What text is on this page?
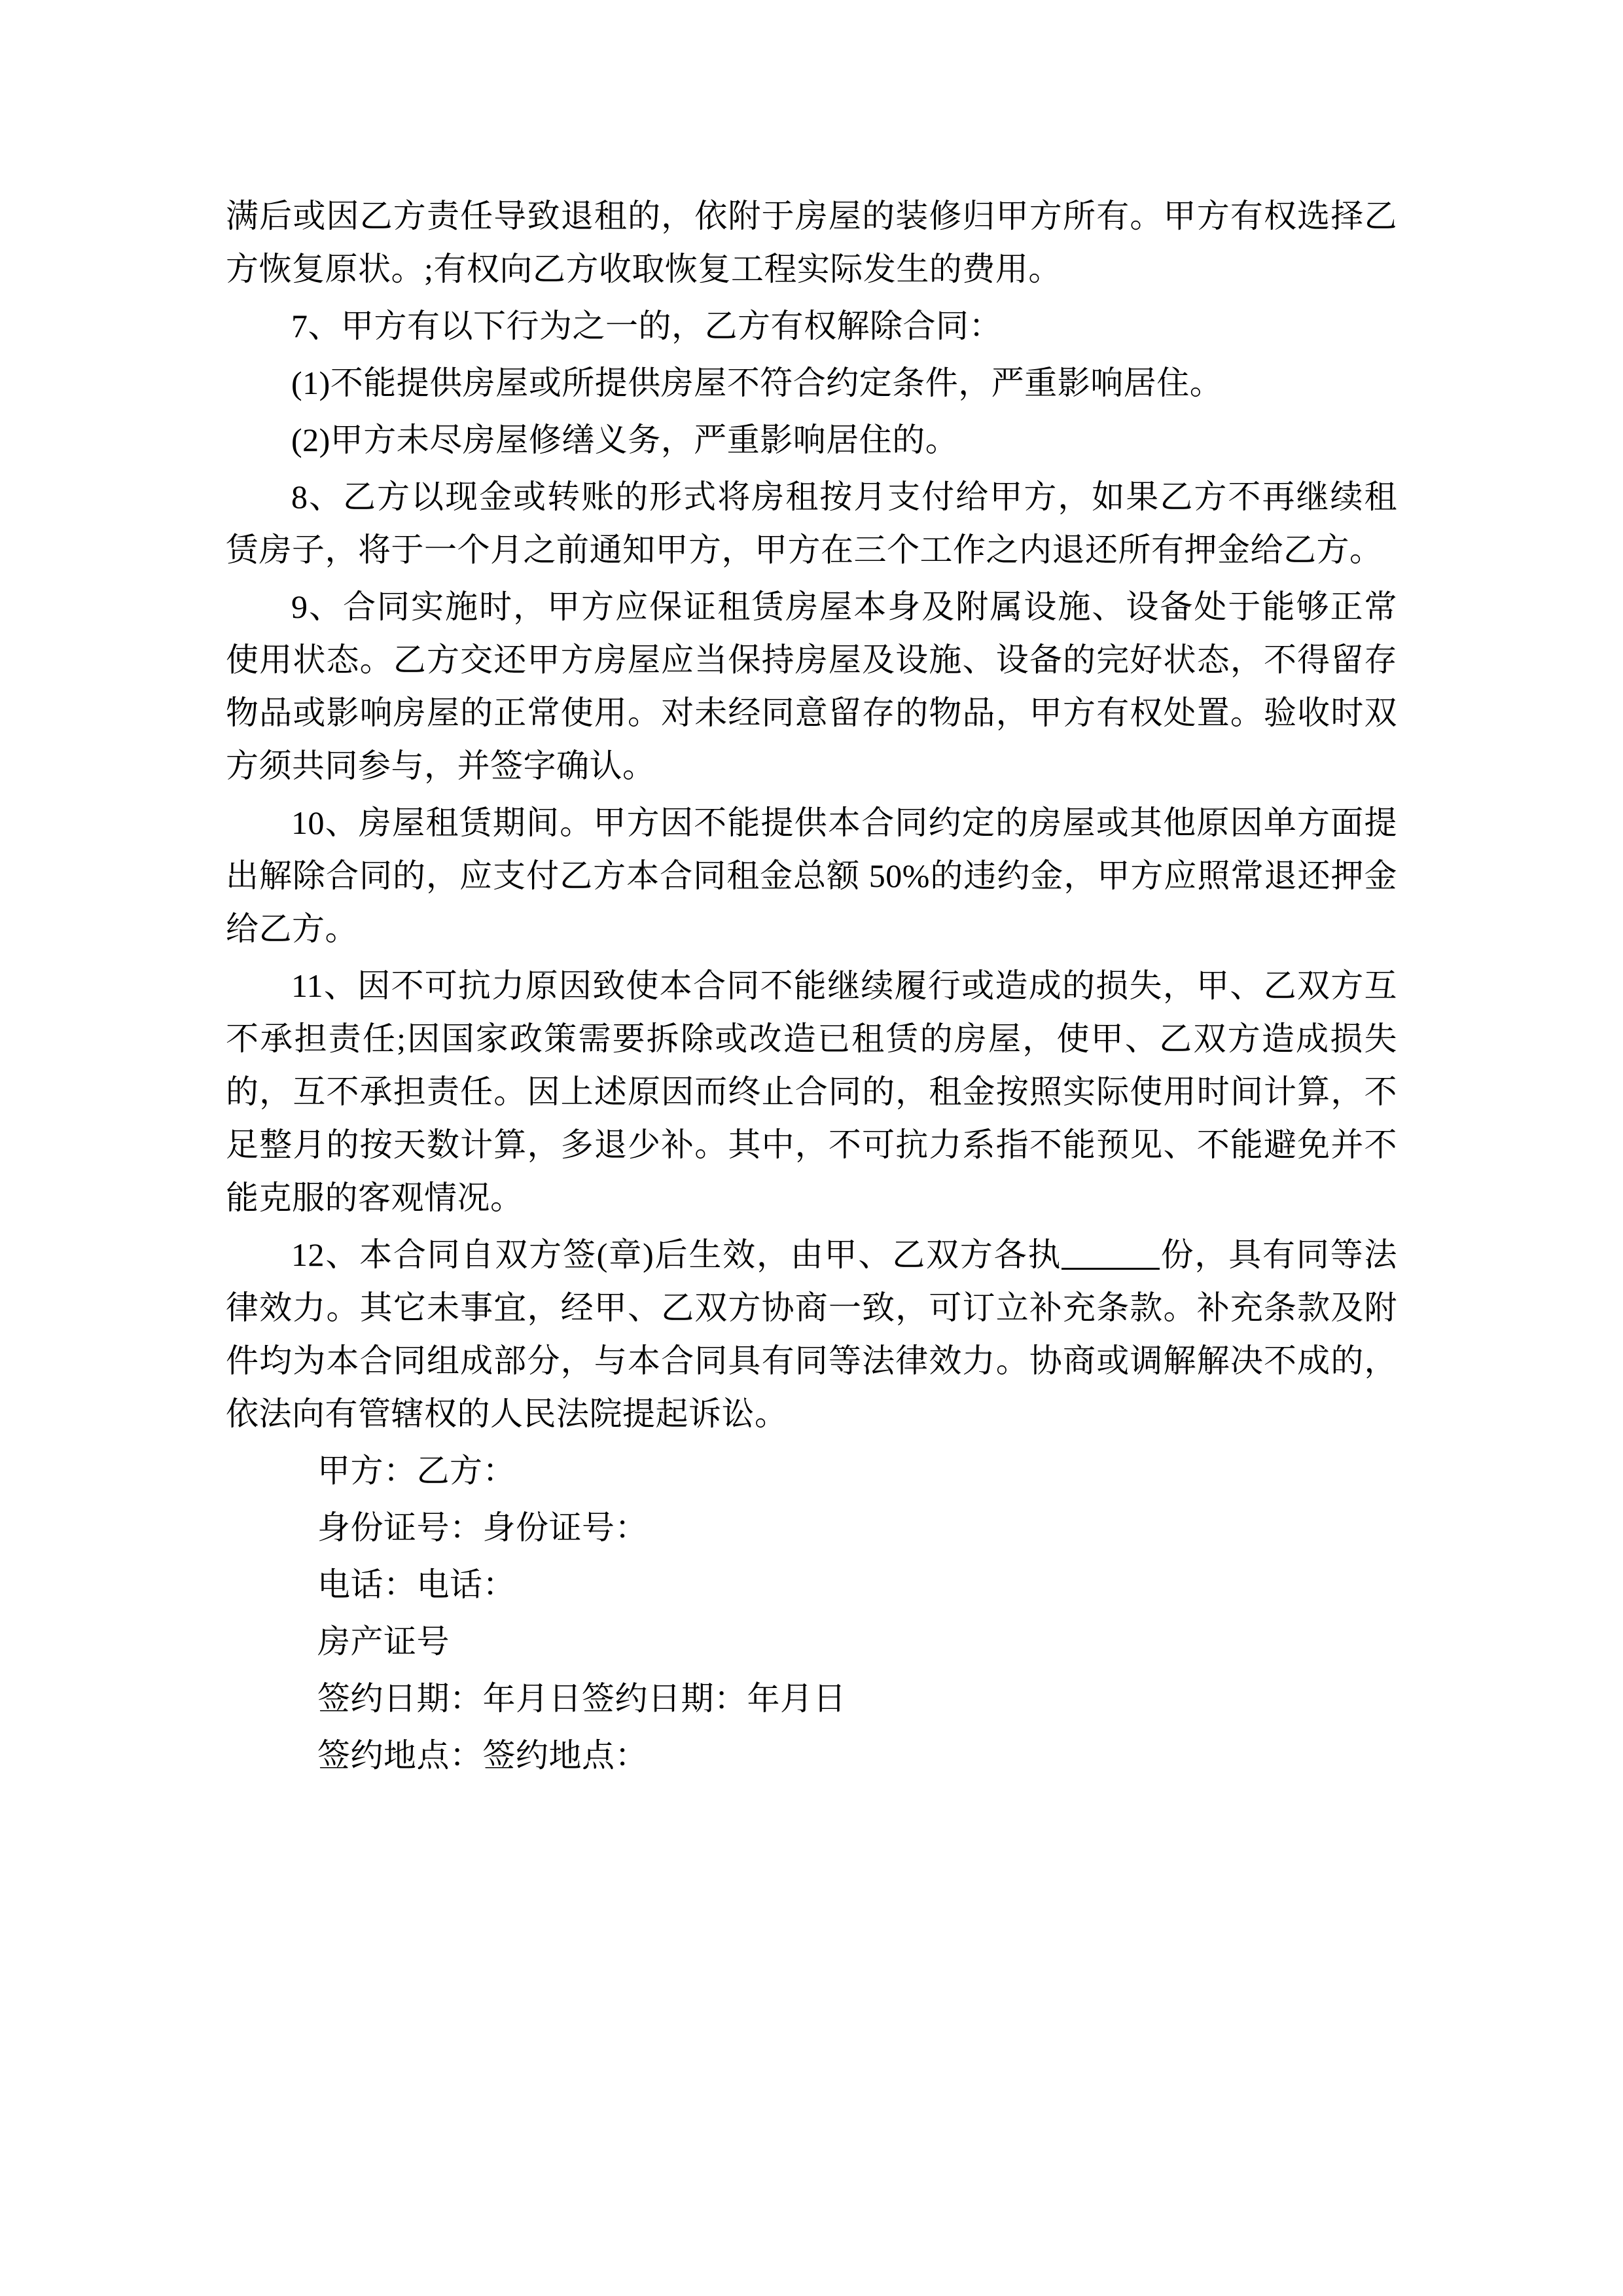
满后或因乙方责任导致退租的，依附于房屋的装修归甲方所有。甲方有权选择乙方恢复原状。;有权向乙方收取恢复工程实际发生的费用。

7、甲方有以下行为之一的，乙方有权解除合同：

(1)不能提供房屋或所提供房屋不符合约定条件，严重影响居住。

(2)甲方未尽房屋修缮义务，严重影响居住的。

8、乙方以现金或转账的形式将房租按月支付给甲方，如果乙方不再继续租赁房子，将于一个月之前通知甲方，甲方在三个工作之内退还所有押金给乙方。

9、合同实施时，甲方应保证租赁房屋本身及附属设施、设备处于能够正常使用状态。乙方交还甲方房屋应当保持房屋及设施、设备的完好状态，不得留存物品或影响房屋的正常使用。对未经同意留存的物品，甲方有权处置。验收时双方须共同参与，并签字确认。

10、房屋租赁期间。甲方因不能提供本合同约定的房屋或其他原因单方面提出解除合同的，应支付乙方本合同租金总额 50%的违约金，甲方应照常退还押金给乙方。

11、因不可抗力原因致使本合同不能继续履行或造成的损失，甲、乙双方互不承担责任;因国家政策需要拆除或改造已租赁的房屋，使甲、乙双方造成损失的，互不承担责任。因上述原因而终止合同的，租金按照实际使用时间计算，不足整月的按天数计算，多退少补。其中，不可抗力系指不能预见、不能避免并不能克服的客观情况。

12、本合同自双方签(章)后生效，由甲、乙双方各执	份，具有同等法律效力。其它未事宜，经甲、乙双方协商一致，可订立补充条款。补充条款及附件均为本合同组成部分，与本合同具有同等法律效力。协商或调解解决不成的，依法向有管辖权的人民法院提起诉讼。

甲方：乙方：

身份证号：身份证号：

电话：电话：

房产证号

签约日期：年月日签约日期：年月日

签约地点：签约地点：
